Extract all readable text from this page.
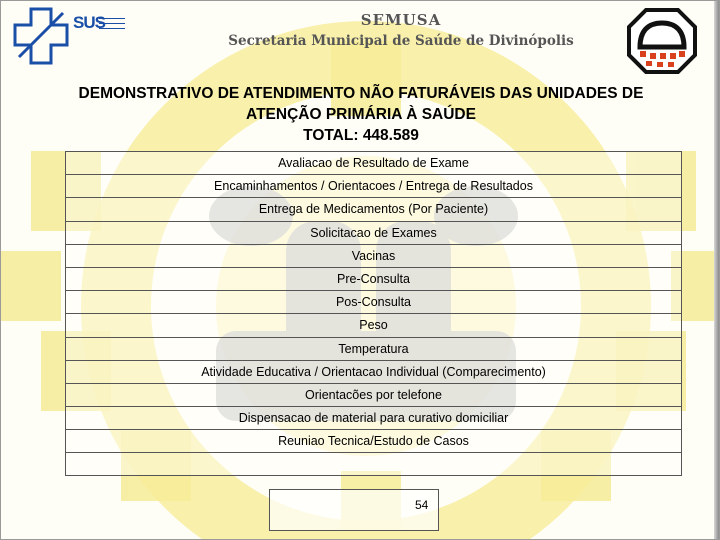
SUS	SEMUSA
Secretaria Municipal de Saúde de Divinópolis
DEMONSTRATIVO DE ATENDIMENTO NÃO FATURÁVEIS DAS UNIDADES DE
ATENÇÃO PRIMÁRIA À SAÚDE
TOTAL: 448.589
Avaliacao de Resultado de Exame
Encaminhamentos / Orientacoes / Entrega de Resultados
Entrega de Medicamentos (Por Paciente)
Solicitacao de Exames
Vacinas
Pre-Consulta
Pos-Consulta
Peso
Temperatura
Atividade Educativa / Orientacao Individual (Comparecimento)
Orientacões por telefone
Dispensacao de material para curativo domiciliar
Reuniao Tecnica/Estudo de Casos

54
